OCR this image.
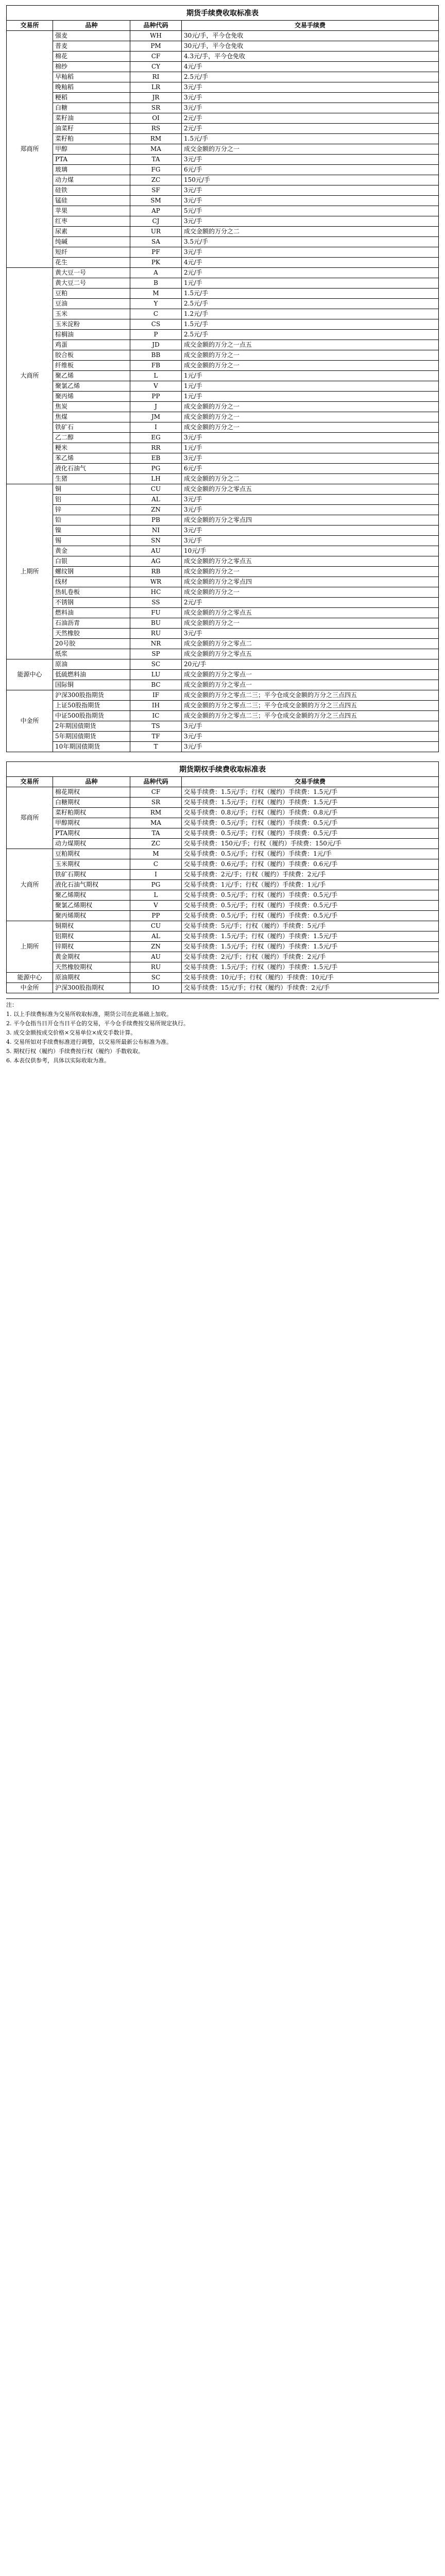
期货手续费收取标准表
交易所	品种	品种代码	交易手续费
郑商所	强麦	WH	30元/手，平今仓免收
	普麦	PM	30元/手，平今仓免收
	棉花	CF	4.3元/手，平今仓免收
	棉纱	CY	4元/手
	早籼稻	RI	2.5元/手
	晚籼稻	LR	3元/手
	粳稻	JR	3元/手
	白糖	SR	3元/手
	菜籽油	OI	2元/手
	油菜籽	RS	2元/手
	菜籽粕	RM	1.5元/手
	甲醇	MA	成交金额的万分之一
	PTA	TA	3元/手
	玻璃	FG	6元/手
	动力煤	ZC	150元/手
	硅铁	SF	3元/手
	锰硅	SM	3元/手
	苹果	AP	5元/手
	红枣	CJ	3元/手
	尿素	UR	成交金额的万分之二
	纯碱	SA	3.5元/手
	短纤	PF	3元/手
	花生	PK	4元/手
大商所	黄大豆一号	A	2元/手
	黄大豆二号	B	1元/手
	豆粕	M	1.5元/手
	豆油	Y	2.5元/手
	玉米	C	1.2元/手
	玉米淀粉	CS	1.5元/手
	棕榈油	P	2.5元/手
	鸡蛋	JD	成交金额的万分之一点五
	胶合板	BB	成交金额的万分之一
	纤维板	FB	成交金额的万分之一
	聚乙烯	L	1元/手
	聚氯乙烯	V	1元/手
	聚丙烯	PP	1元/手
	焦炭	J	成交金额的万分之一
	焦煤	JM	成交金额的万分之一
	铁矿石	I	成交金额的万分之一
	乙二醇	EG	3元/手
	粳米	RR	1元/手
	苯乙烯	EB	3元/手
	液化石油气	PG	6元/手
	生猪	LH	成交金额的万分之二
上期所	铜	CU	成交金额的万分之零点五
	铝	AL	3元/手
	锌	ZN	3元/手
	铅	PB	成交金额的万分之零点四
	镍	NI	3元/手
	锡	SN	3元/手
	黄金	AU	10元/手
	白银	AG	成交金额的万分之零点五
	螺纹钢	RB	成交金额的万分之一
	线材	WR	成交金额的万分之零点四
	热轧卷板	HC	成交金额的万分之一
	不锈钢	SS	2元/手
	燃料油	FU	成交金额的万分之零点五
	石油沥青	BU	成交金额的万分之一
	天然橡胶	RU	3元/手
	20号胶	NR	成交金额的万分之零点二
	纸浆	SP	成交金额的万分之零点五
能源中心	原油	SC	20元/手
	低硫燃料油	LU	成交金额的万分之零点一
	国际铜	BC	成交金额的万分之零点一
中金所	沪深300股指期货	IF	成交金额的万分之零点二三；平今仓成交金额的万分之三点四五
	上证50股指期货	IH	成交金额的万分之零点二三；平今仓成交金额的万分之三点四五
	中证500股指期货	IC	成交金额的万分之零点二三；平今仓成交金额的万分之三点四五
	2年期国债期货	TS	3元/手
	5年期国债期货	TF	3元/手
	10年期国债期货	T	3元/手
期货期权手续费收取标准表
交易所	品种	品种代码	交易手续费
郑商所	棉花期权	CF	交易手续费：1.5元/手；行权（履约）手续费：1.5元/手
	白糖期权	SR	交易手续费：1.5元/手；行权（履约）手续费：1.5元/手
	菜籽粕期权	RM	交易手续费：0.8元/手；行权（履约）手续费：0.8元/手
	甲醇期权	MA	交易手续费：0.5元/手；行权（履约）手续费：0.5元/手
	PTA期权	TA	交易手续费：0.5元/手；行权（履约）手续费：0.5元/手
	动力煤期权	ZC	交易手续费：150元/手；行权（履约）手续费：150元/手
大商所	豆粕期权	M	交易手续费：0.5元/手；行权（履约）手续费：1元/手
	玉米期权	C	交易手续费：0.6元/手；行权（履约）手续费：0.6元/手
	铁矿石期权	I	交易手续费：2元/手；行权（履约）手续费：2元/手
	液化石油气期权	PG	交易手续费：1元/手；行权（履约）手续费：1元/手
	聚乙烯期权	L	交易手续费：0.5元/手；行权（履约）手续费：0.5元/手
	聚氯乙烯期权	V	交易手续费：0.5元/手；行权（履约）手续费：0.5元/手
	聚丙烯期权	PP	交易手续费：0.5元/手；行权（履约）手续费：0.5元/手
上期所	铜期权	CU	交易手续费：5元/手；行权（履约）手续费：5元/手
	铝期权	AL	交易手续费：1.5元/手；行权（履约）手续费：1.5元/手
	锌期权	ZN	交易手续费：1.5元/手；行权（履约）手续费：1.5元/手
	黄金期权	AU	交易手续费：2元/手；行权（履约）手续费：2元/手
	天然橡胶期权	RU	交易手续费：1.5元/手；行权（履约）手续费：1.5元/手
能源中心	原油期权	SC	交易手续费：10元/手；行权（履约）手续费：10元/手
中金所	沪深300股指期权	IO	交易手续费：15元/手；行权（履约）手续费：2元/手

注：

1. 以上手续费标准为交易所收取标准，期货公司在此基础上加收。

2. 平今仓指当日开仓当日平仓的交易，平今仓手续费按交易所规定执行。

3. 成交金额按成交价格×交易单位×成交手数计算。

4. 交易所如对手续费标准进行调整，以交易所最新公布标准为准。

5. 期权行权（履约）手续费按行权（履约）手数收取。

6. 本表仅供参考，具体以实际收取为准。
